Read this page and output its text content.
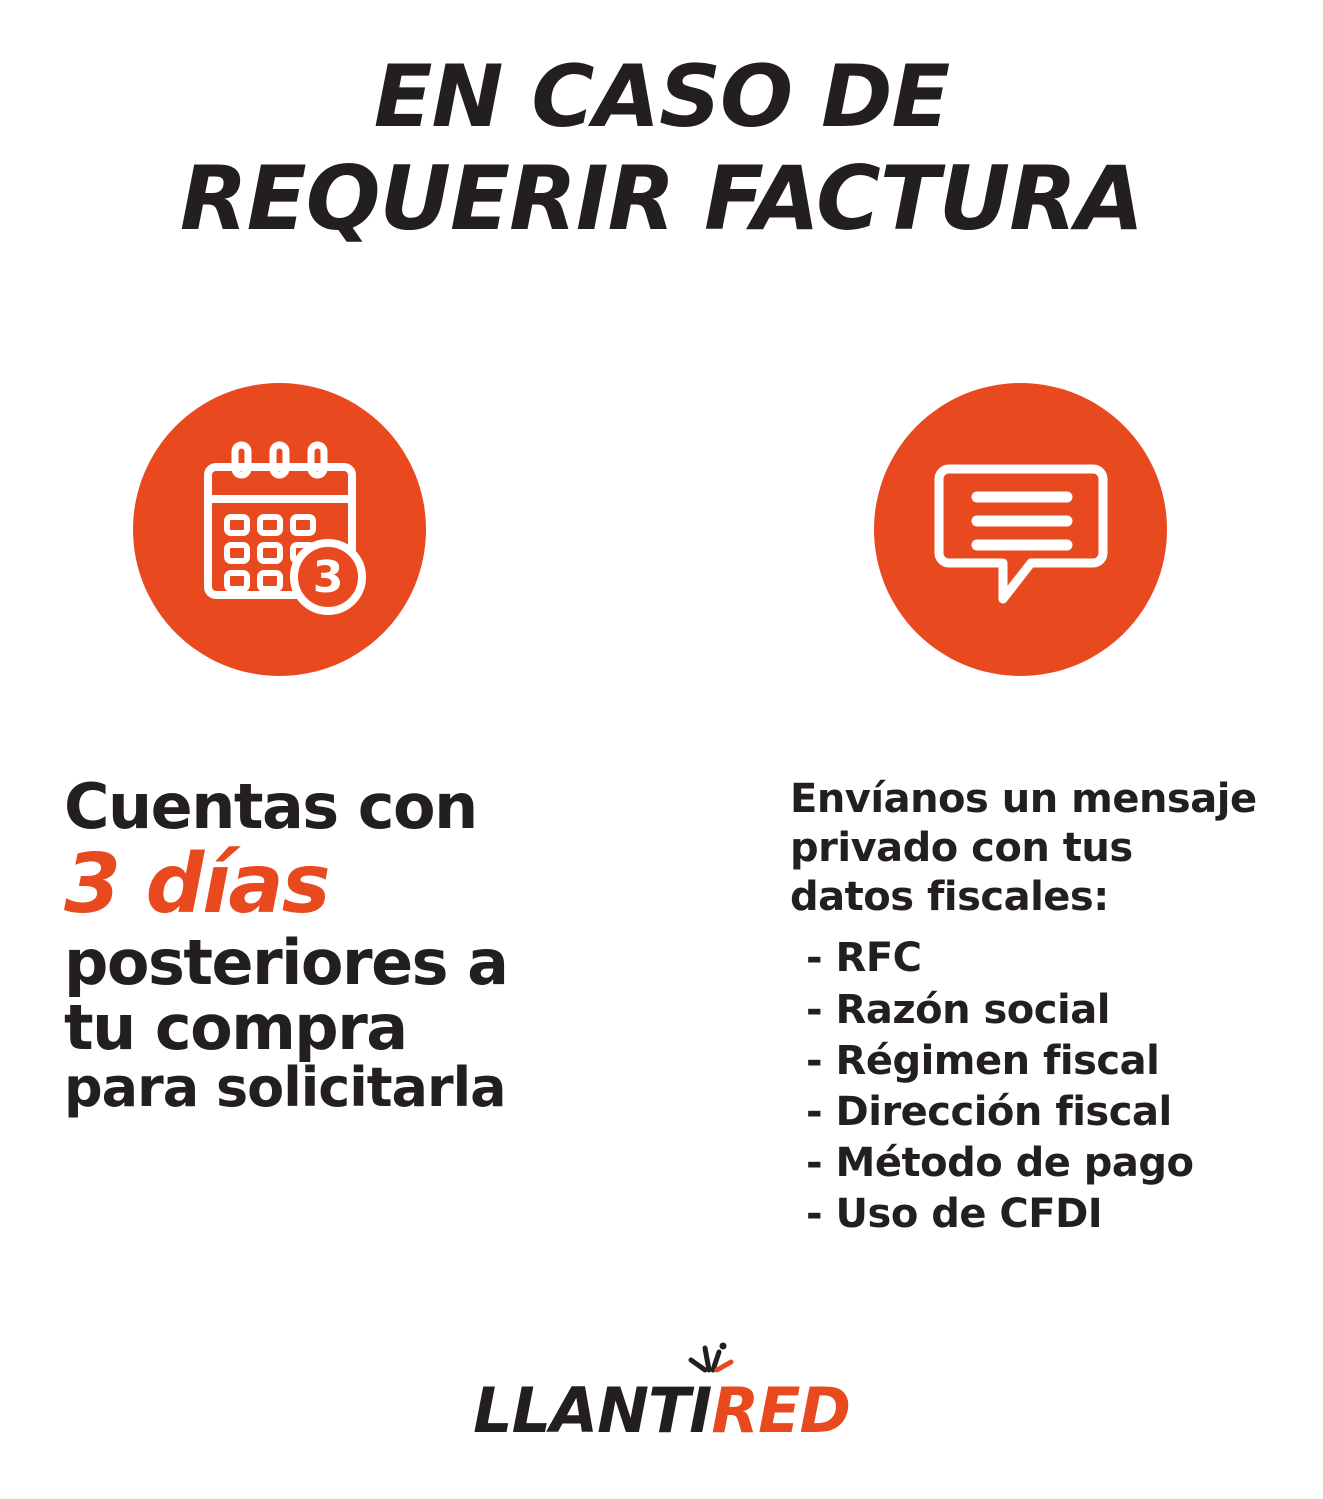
EN CASO DE
REQUERIR FACTURA
3
Cuentas con
3 días
posteriores a
tu compra
para solicitarla
Envíanos un mensaje
privado con tus
datos fiscales:
- RFC
- Razón social
- Régimen fiscal
- Dirección fiscal
- Método de pago
- Uso de CFDI
LLANTIRED
